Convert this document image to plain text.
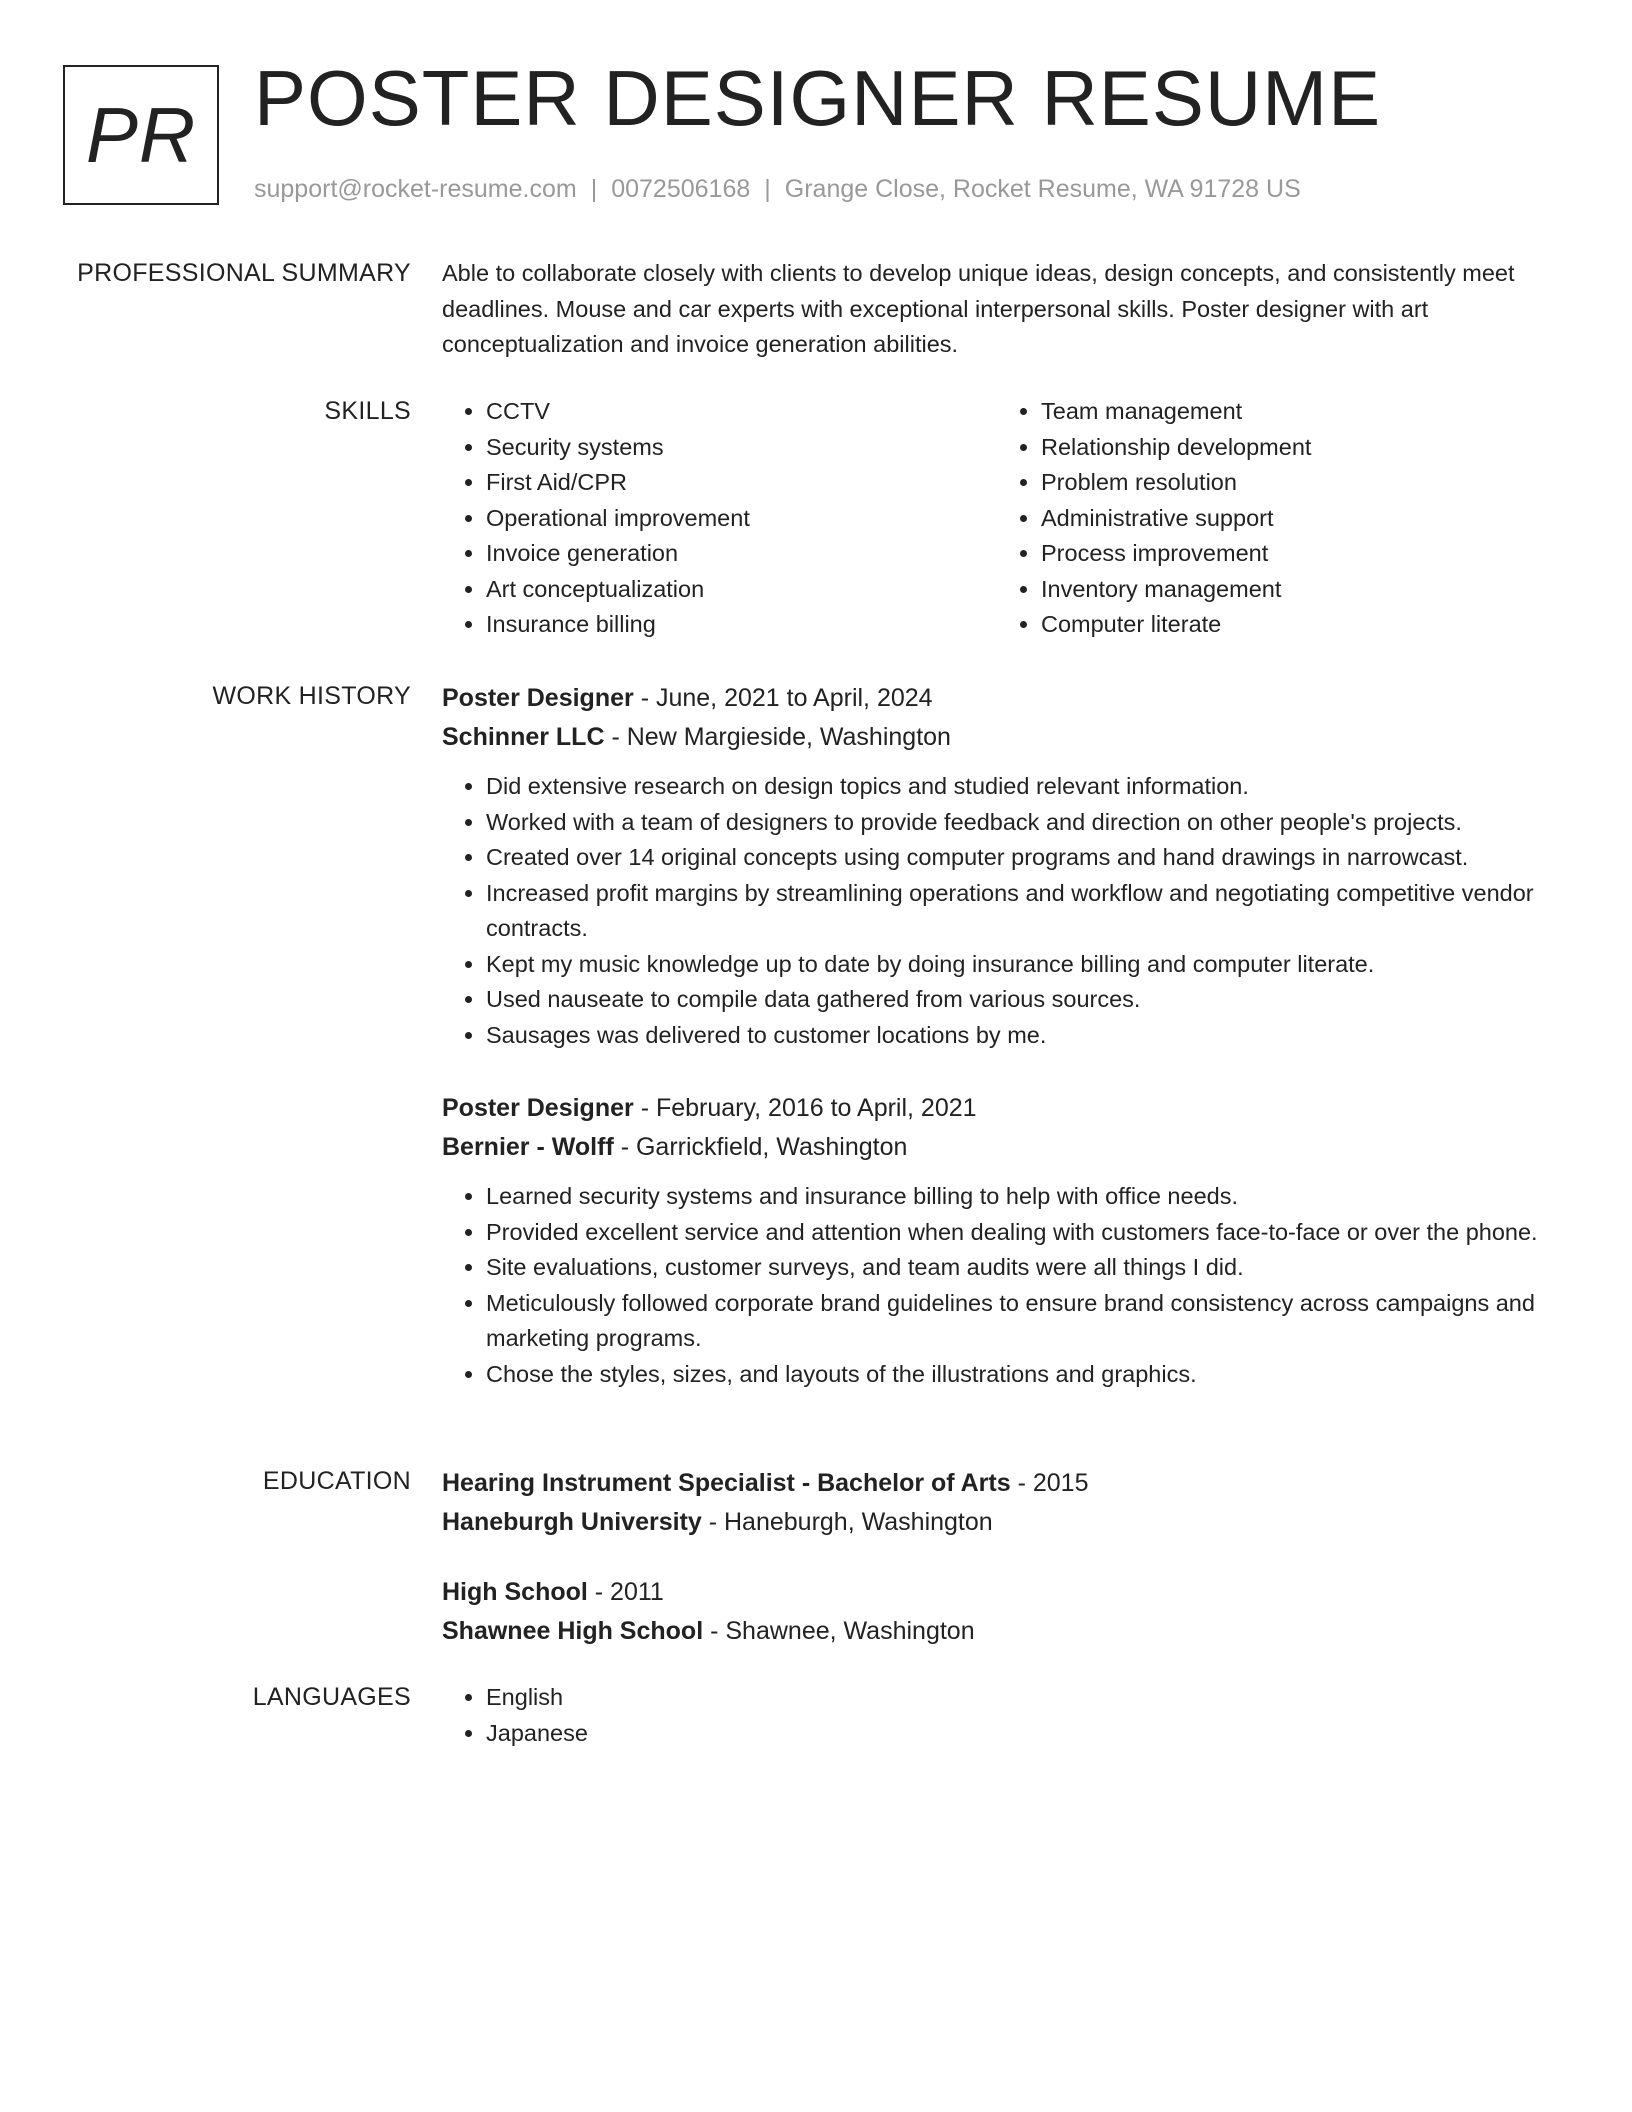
PR POSTER DESIGNER RESUME
support@rocket-resume.com | 0072506168 | Grange Close, Rocket Resume, WA 91728 US
PROFESSIONAL SUMMARY Able to collaborate closely with clients to develop unique ideas, design concepts, and consistently meet deadlines. Mouse and car experts with exceptional interpersonal skills. Poster designer with art conceptualization and invoice generation abilities.

SKILLS	• CCTV
• Security systems
• First Aid/CPR
• Operational improvement
• Invoice generation
• Art conceptualization
• Insurance billing
• Team management
• Relationship development
• Problem resolution
• Administrative support
• Process improvement
• Inventory management
• Computer literate
WORK HISTORY Poster Designer - June, 2021 to April, 2024
Schinner LLC - New Margieside, Washington
• Did extensive research on design topics and studied relevant information.
• Worked with a team of designers to provide feedback and direction on other people's projects.
• Created over 14 original concepts using computer programs and hand drawings in narrowcast.
• Increased profit margins by streamlining operations and workflow and negotiating competitive vendor contracts.
• Kept my music knowledge up to date by doing insurance billing and computer literate.
• Used nauseate to compile data gathered from various sources.
• Sausages was delivered to customer locations by me.
Poster Designer - February, 2016 to April, 2021
Bernier - Wolff - Garrickfield, Washington
• Learned security systems and insurance billing to help with office needs.
• Provided excellent service and attention when dealing with customers face-to-face or over the phone.
• Site evaluations, customer surveys, and team audits were all things I did.
• Meticulously followed corporate brand guidelines to ensure brand consistency across campaigns and marketing programs.
• Chose the styles, sizes, and layouts of the illustrations and graphics.
EDUCATION Hearing Instrument Specialist - Bachelor of Arts - 2015
Haneburgh University - Haneburgh, Washington
High School - 2011
Shawnee High School - Shawnee, Washington
LANGUAGES	• English
• Japanese
